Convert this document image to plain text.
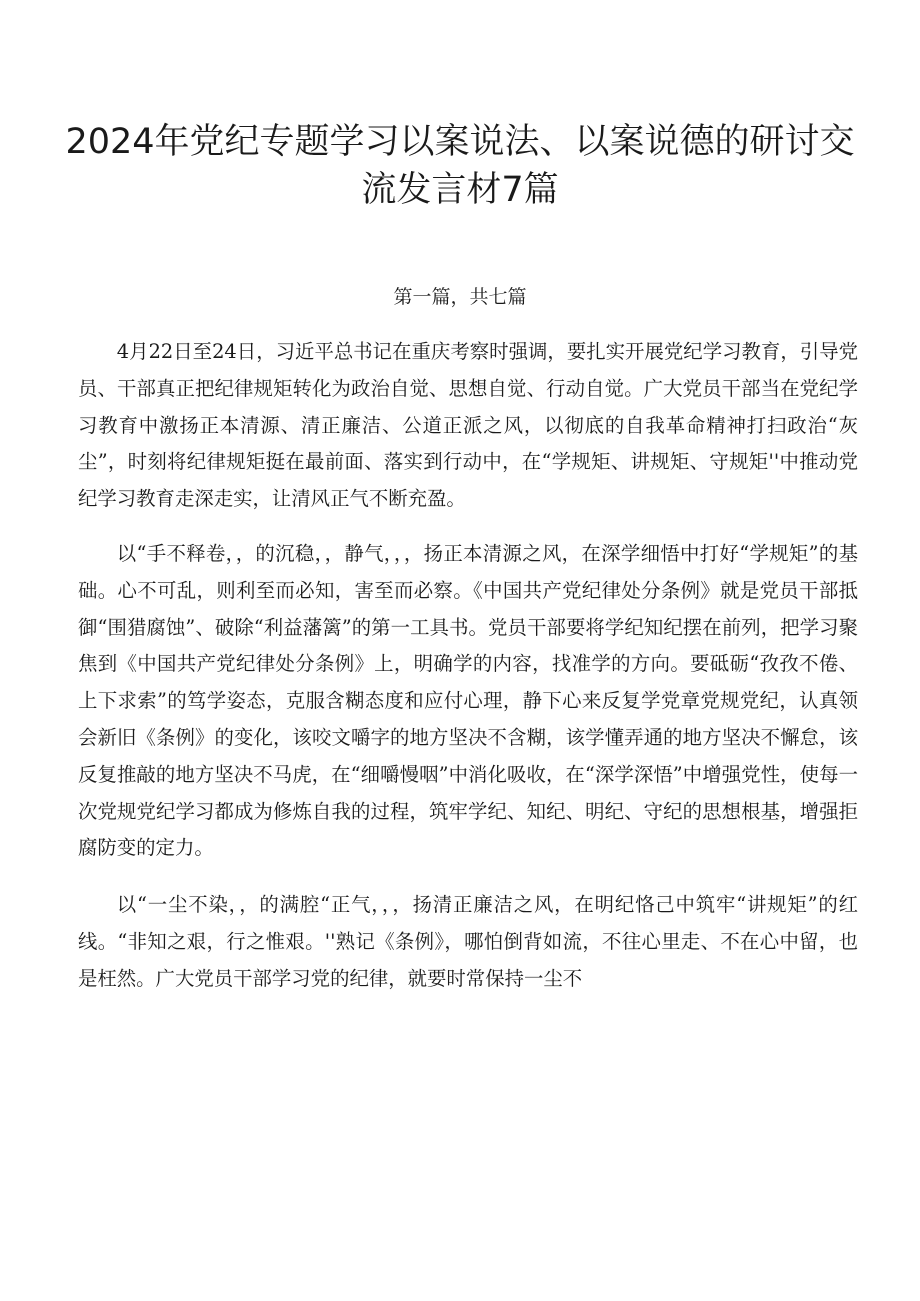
2024年党纪专题学习以案说法、以案说德的研讨交流发言材7篇
第一篇，共七篇

4月22日至24日，习近平总书记在重庆考察时强调，要扎实开展党纪学习教育，引导党员、干部真正把纪律规矩转化为政治自觉、思想自觉、行动自觉。广大党员干部当在党纪学习教育中激扬正本清源、清正廉洁、公道正派之风，以彻底的自我革命精神打扫政治“灰尘”，时刻将纪律规矩挺在最前面、落实到行动中，在“学规矩、讲规矩、守规矩''中推动党纪学习教育走深走实，让清风正气不断充盈。

以“手不释卷，，的沉稳，，静气，，，扬正本清源之风，在深学细悟中打好“学规矩”的基础。心不可乱，则利至而必知，害至而必察。《中国共产党纪律处分条例》就是党员干部抵御“围猎腐蚀”、破除“利益藩篱”的第一工具书。党员干部要将学纪知纪摆在前列，把学习聚焦到《中国共产党纪律处分条例》上，明确学的内容，找准学的方向。要砥砺“孜孜不倦、上下求索”的笃学姿态，克服含糊态度和应付心理，静下心来反复学党章党规党纪，认真领会新旧《条例》的变化，该咬文嚼字的地方坚决不含糊，该学懂弄通的地方坚决不懈怠，该反复推敲的地方坚决不马虎，在“细嚼慢咽”中消化吸收，在“深学深悟”中增强党性，使每一次党规党纪学习都成为修炼自我的过程，筑牢学纪、知纪、明纪、守纪的思想根基，增强拒腐防变的定力。

以“一尘不染，，的满腔“正气，，，扬清正廉洁之风，在明纪恪己中筑牢“讲规矩”的红线。“非知之艰，行之惟艰。''熟记《条例》，哪怕倒背如流，不往心里走、不在心中留，也是枉然。广大党员干部学习党的纪律，就要时常保持一尘不
